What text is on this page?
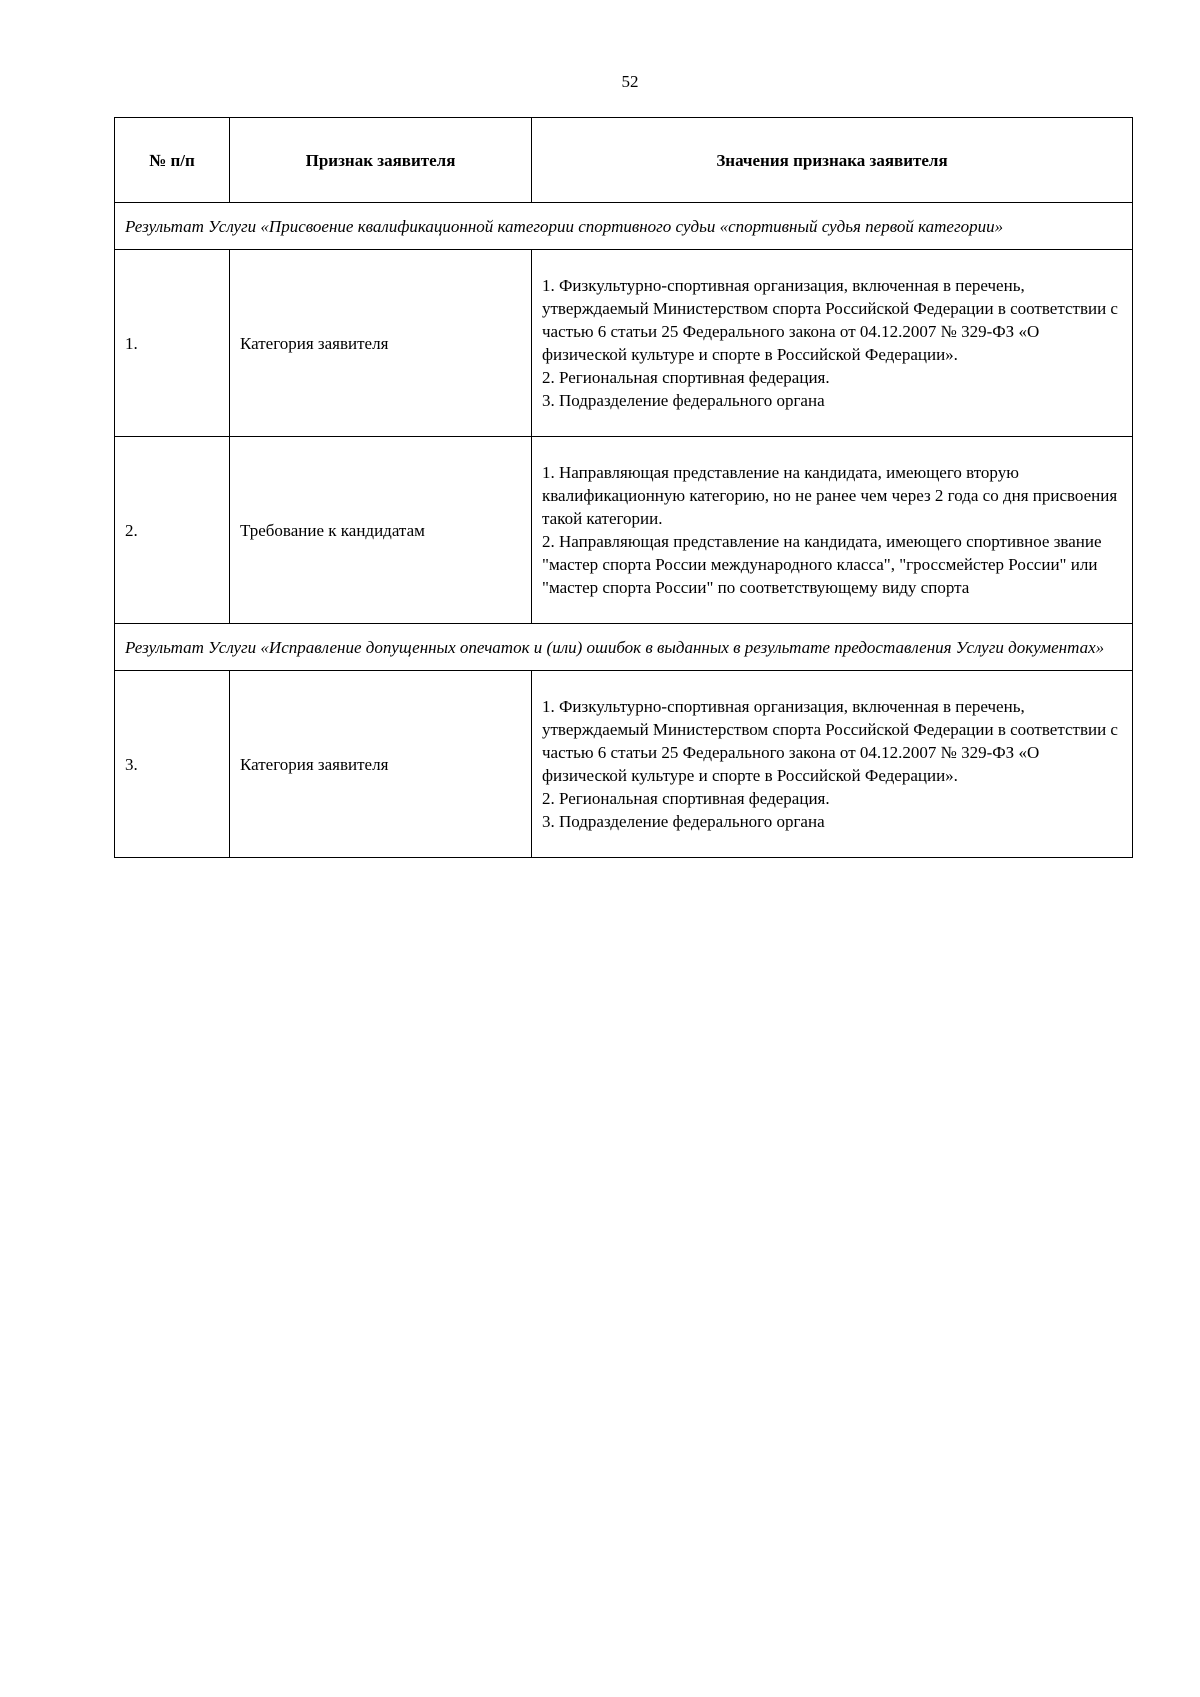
52
№ п/п	Признак заявителя	Значения признака заявителя
Результат Услуги «Присвоение квалификационной категории спортивного судьи «спортивный судья первой категории»		
1.	Категория заявителя	1. Физкультурно-спортивная организация, включенная в перечень, утверждаемый Министерством спорта Российской Федерации в соответствии с частью 6 статьи 25 Федерального закона от 04.12.2007 № 329-ФЗ «О физической культуре и спорте в Российской Федерации».
2. Региональная спортивная федерация.
3. Подразделение федерального органа

2.	Требование к кандидатам	1. Направляющая представление на кандидата, имеющего вторую квалификационную категорию, но не ранее чем через 2 года со дня присвоения такой категории.
2. Направляющая представление на кандидата, имеющего спортивное звание "мастер спорта России международного класса", "гроссмейстер России" или "мастер спорта России" по соответствующему виду спорта

Результат Услуги «Исправление допущенных опечаток и (или) ошибок в выданных в результате предоставления Услуги документах»		
3.	Категория заявителя	1. Физкультурно-спортивная организация, включенная в перечень, утверждаемый Министерством спорта Российской Федерации в соответствии с частью 6 статьи 25 Федерального закона от 04.12.2007 № 329-ФЗ «О физической культуре и спорте в Российской Федерации».
2. Региональная спортивная федерация.
3. Подразделение федерального органа
